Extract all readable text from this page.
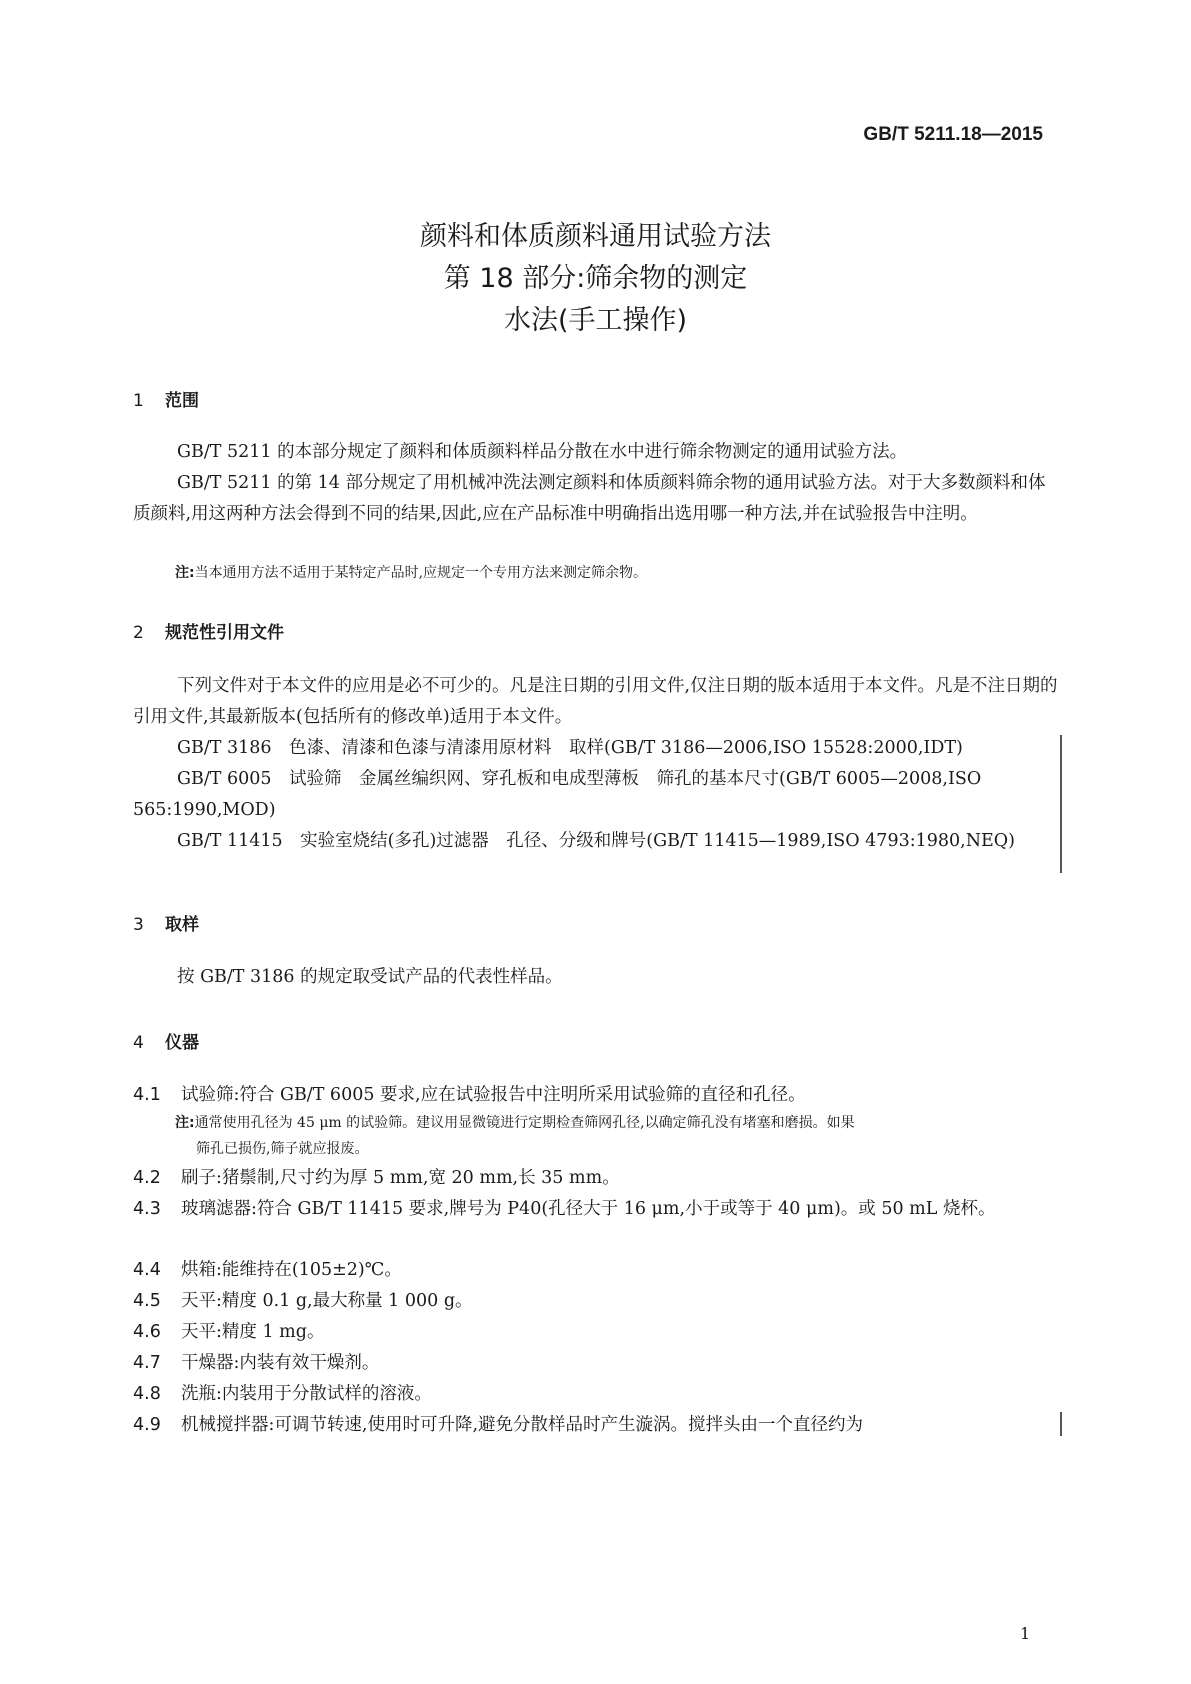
GB/T 5211.18—2015
颜料和体质颜料通用试验方法
第 18 部分:筛余物的测定
水法(手工操作)
1 范围
GB/T 5211 的本部分规定了颜料和体质颜料样品分散在水中进行筛余物测定的通用试验方法。
GB/T 5211 的第 14 部分规定了用机械冲洗法测定颜料和体质颜料筛余物的通用试验方法。对于大多数颜料和体质颜料,用这两种方法会得到不同的结果,因此,应在产品标准中明确指出选用哪一种方法,并在试验报告中注明。
注:当本通用方法不适用于某特定产品时,应规定一个专用方法来测定筛余物。
2 规范性引用文件
下列文件对于本文件的应用是必不可少的。凡是注日期的引用文件,仅注日期的版本适用于本文件。凡是不注日期的引用文件,其最新版本(包括所有的修改单)适用于本文件。
GB/T 3186　色漆、清漆和色漆与清漆用原材料　取样(GB/T 3186—2006,ISO 15528:2000,IDT)
GB/T 6005　试验筛　金属丝编织网、穿孔板和电成型薄板　筛孔的基本尺寸(GB/T 6005—2008,ISO 565:1990,MOD)
GB/T 11415　实验室烧结(多孔)过滤器　孔径、分级和牌号(GB/T 11415—1989,ISO 4793:1980,NEQ)
3 取样
按 GB/T 3186 的规定取受试产品的代表性样品。
4 仪器
4.1 试验筛:符合 GB/T 6005 要求,应在试验报告中注明所采用试验筛的直径和孔径。
注:通常使用孔径为 45 μm 的试验筛。建议用显微镜进行定期检查筛网孔径,以确定筛孔没有堵塞和磨损。如果
筛孔已损伤,筛子就应报废。
4.2 刷子:猪鬃制,尺寸约为厚 5 mm,宽 20 mm,长 35 mm。
4.3 玻璃滤器:符合 GB/T 11415 要求,牌号为 P40(孔径大于 16 μm,小于或等于 40 μm)。或 50 mL 烧杯。
4.4 烘箱:能维持在(105±2)℃。
4.5 天平:精度 0.1 g,最大称量 1 000 g。
4.6 天平:精度 1 mg。
4.7 干燥器:内装有效干燥剂。
4.8 洗瓶:内装用于分散试样的溶液。
4.9 机械搅拌器:可调节转速,使用时可升降,避免分散样品时产生漩涡。搅拌头由一个直径约为
1
